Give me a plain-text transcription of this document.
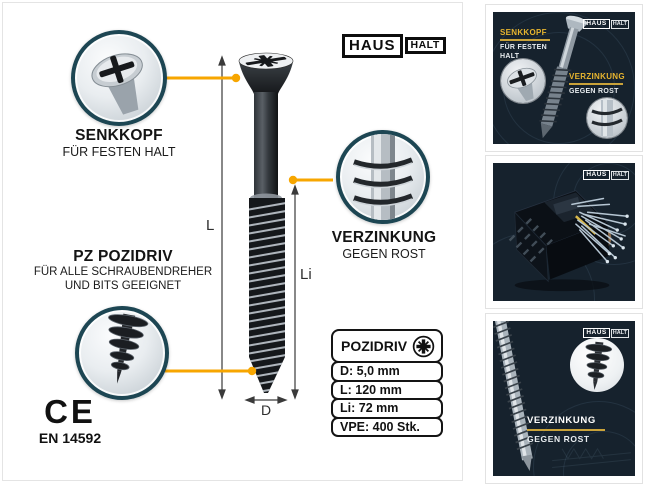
HAUS	HALT
SENKKOPF
FÜR FESTEN HALT
PZ POZIDRIV
FÜR ALLE SCHRAUBENDREHER
UND BITS GEEIGNET
VERZINKUNG
GEGEN ROST
L
Li
D
CE
EN 14592
POZIDRIV
D: 5,0 mm
L: 120 mm
Li: 72 mm
VPE: 400 Stk.
HAUS	HALT
SENKKOPF
FÜR FESTEN
HALT
VERZINKUNG
GEGEN ROST
HAUS	HALT
VERZINKUNG
GEGEN ROST
HAUS	HALT
